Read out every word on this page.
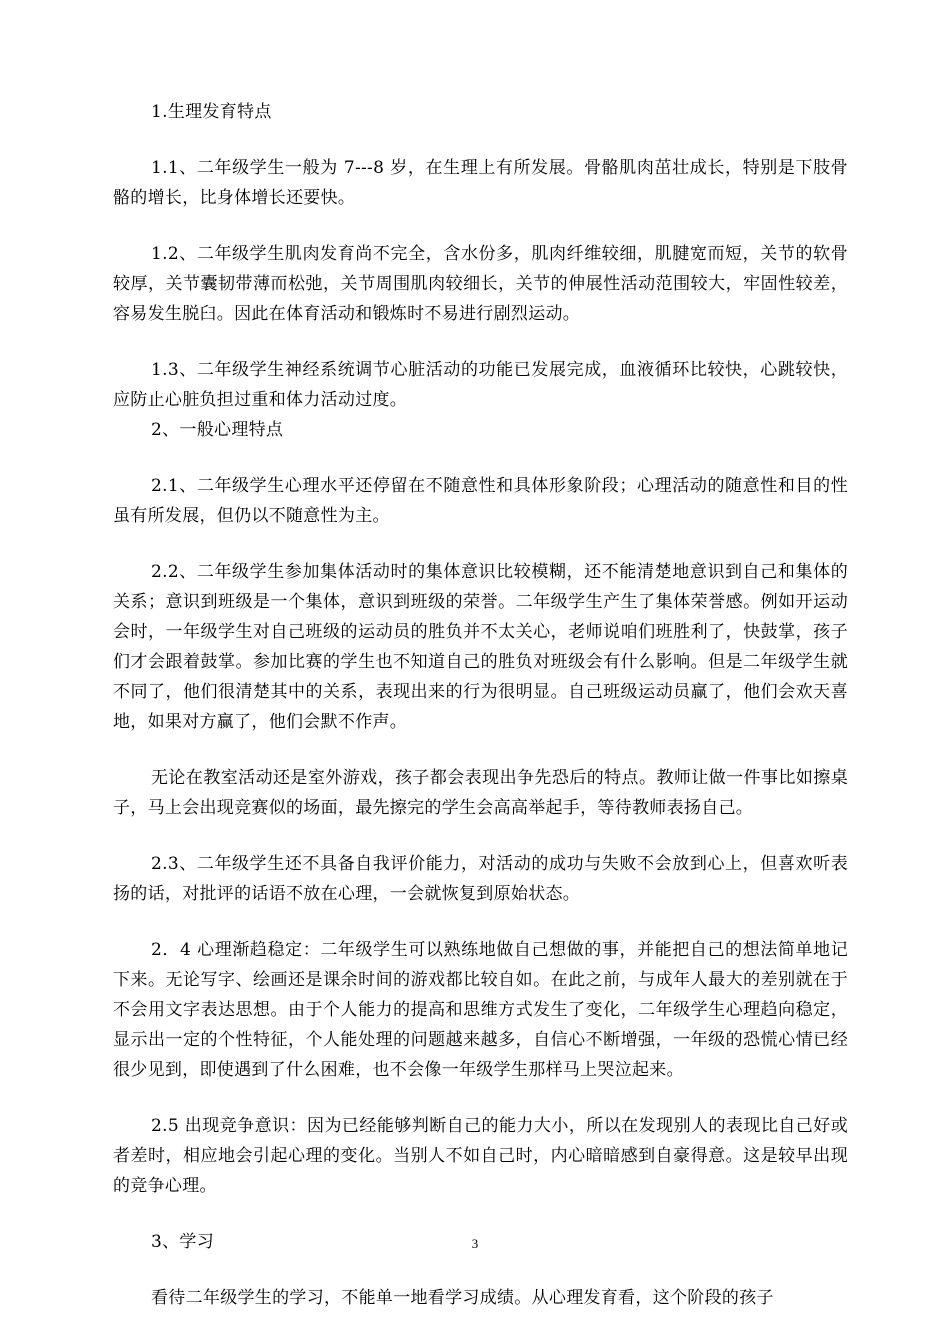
1.生理发育特点

1.1、二年级学生一般为 7---8 岁，在生理上有所发展。骨骼肌肉茁壮成长，特别是下肢骨骼的增长，比身体增长还要快。

1.2、二年级学生肌肉发育尚不完全，含水份多，肌肉纤维较细，肌腱宽而短，关节的软骨较厚，关节囊韧带薄而松弛，关节周围肌肉较细长，关节的伸展性活动范围较大，牢固性较差，容易发生脱臼。因此在体育活动和锻炼时不易进行剧烈运动。

1.3、二年级学生神经系统调节心脏活动的功能已发展完成，血液循环比较快，心跳较快，应防止心脏负担过重和体力活动过度。

2、一般心理特点

2.1、二年级学生心理水平还停留在不随意性和具体形象阶段；心理活动的随意性和目的性虽有所发展，但仍以不随意性为主。

2.2、二年级学生参加集体活动时的集体意识比较模糊，还不能清楚地意识到自己和集体的关系；意识到班级是一个集体，意识到班级的荣誉。二年级学生产生了集体荣誉感。例如开运动会时，一年级学生对自己班级的运动员的胜负并不太关心，老师说咱们班胜利了，快鼓掌，孩子们才会跟着鼓掌。参加比赛的学生也不知道自己的胜负对班级会有什么影响。但是二年级学生就不同了，他们很清楚其中的关系，表现出来的行为很明显。自己班级运动员赢了，他们会欢天喜地，如果对方赢了，他们会默不作声。

无论在教室活动还是室外游戏，孩子都会表现出争先恐后的特点。教师让做一件事比如擦桌子，马上会出现竞赛似的场面，最先擦完的学生会高高举起手，等待教师表扬自己。

2.3、二年级学生还不具备自我评价能力，对活动的成功与失败不会放到心上，但喜欢听表扬的话，对批评的话语不放在心理，一会就恢复到原始状态。

2．4 心理渐趋稳定：二年级学生可以熟练地做自己想做的事，并能把自己的想法简单地记下来。无论写字、绘画还是课余时间的游戏都比较自如。在此之前，与成年人最大的差别就在于不会用文字表达思想。由于个人能力的提高和思维方式发生了变化，二年级学生心理趋向稳定，显示出一定的个性特征，个人能处理的问题越来越多，自信心不断增强，一年级的恐慌心情已经很少见到，即使遇到了什么困难，也不会像一年级学生那样马上哭泣起来。

2.5 出现竞争意识：因为已经能够判断自己的能力大小，所以在发现别人的表现比自己好或者差时，相应地会引起心理的变化。当别人不如自己时，内心暗暗感到自豪得意。这是较早出现的竞争心理。

3、学习

看待二年级学生的学习，不能单一地看学习成绩。从心理发育看，这个阶段的孩子

3
